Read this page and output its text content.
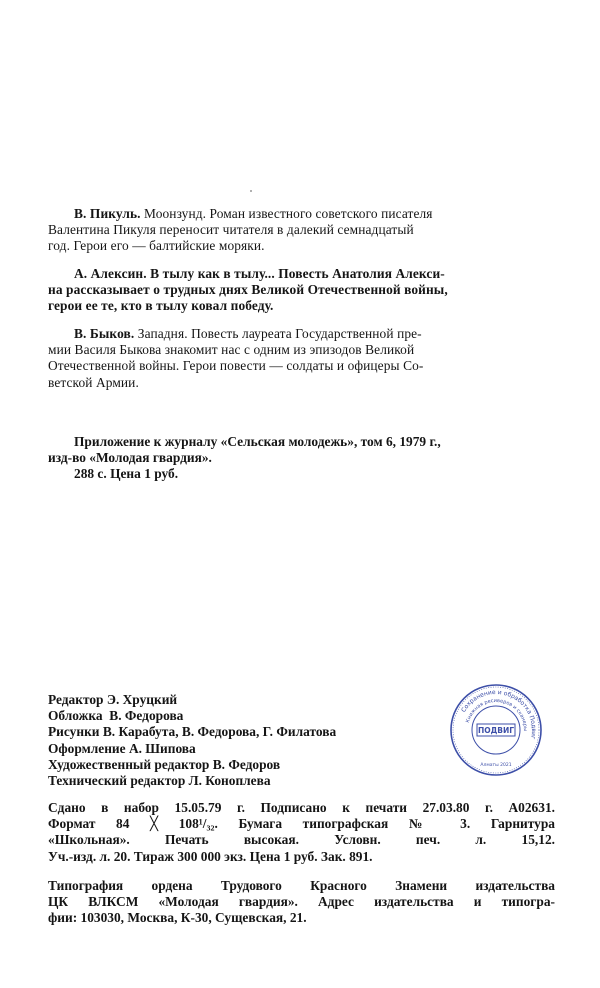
В. Пикуль. Моонзунд. Роман известного советского писателя

Валентина Пикуля переносит читателя в далекий семнадцатый

год. Герои его — балтийские моряки.

А. Алексин. В тылу как в тылу... Повесть Анатолия Алекси-

на рассказывает о трудных днях Великой Отечественной войны,

герои ее те, кто в тылу ковал победу.

В. Быков. Западня. Повесть лауреата Государственной пре-

мии Василя Быкова знакомит нас с одним из эпизодов Великой

Отечественной войны. Герои повести — солдаты и офицеры Со-

ветской Армии.

Приложение к журналу «Сельская молодежь», том 6, 1979 г.,
изд-во «Молодая гвардия».
288 с. Цена 1 руб.
Редактор Э. Хруцкий
Обложка В. Федорова
Рисунки В. Карабута, В. Федорова, Г. Филатова
Оформление А. Шипова
Художественный редактор В. Федоров
Технический редактор Л. Коноплева
Сохранение и обработка Подвиг
Книжная ресиверов и сканеры
ПОДВИГ
Алматы 2021
Сдано в набор 15.05.79 г. Подписано к печати 27.03.80 г. А02631.
Формат 84 ╳ 108¹/₃₂. Бумага типографская № 3. Гарнитура
«Школьная». Печать высокая. Условн. печ. л. 15,12.
Уч.-изд. л. 20. Тираж 300 000 экз. Цена 1 руб. Зак. 891.
Типография ордена Трудового Красного Знамени издательства
ЦК ВЛКСМ «Молодая гвардия». Адрес издательства и типогра-
фии: 103030, Москва, К-30, Сущевская, 21.
